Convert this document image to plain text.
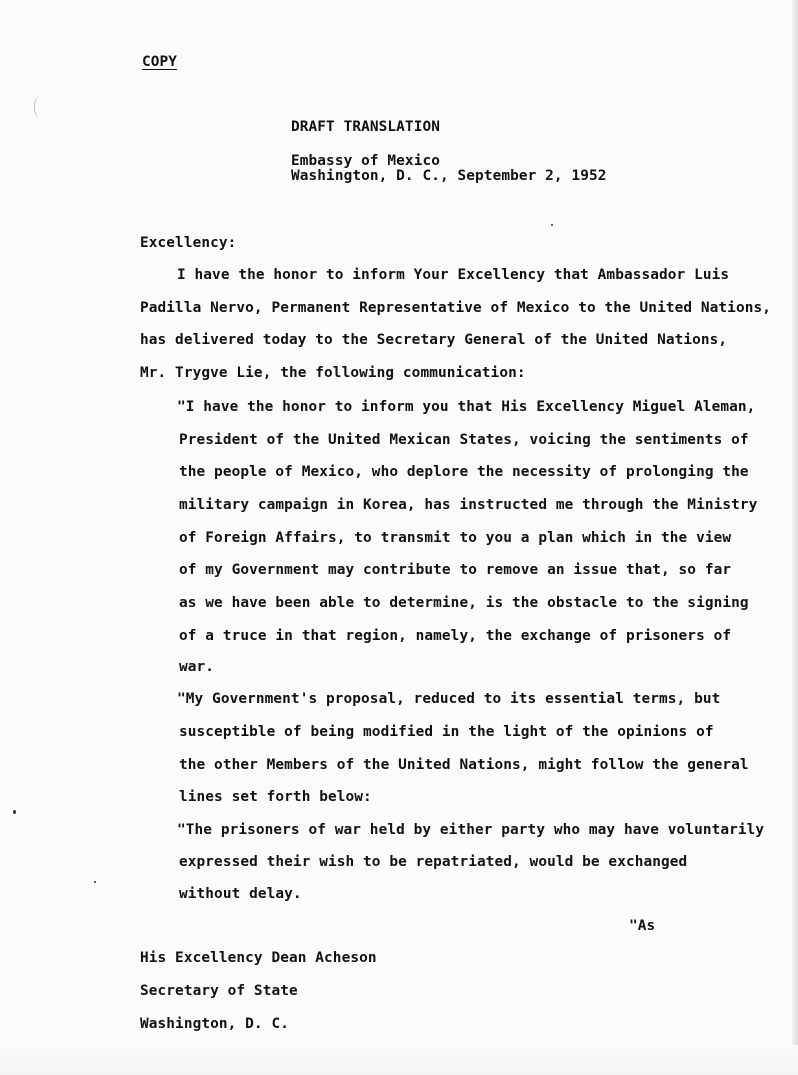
COPY
DRAFT TRANSLATION
Embassy of Mexico
Washington, D. C., September 2, 1952
Excellency:
I have the honor to inform Your Excellency that Ambassador Luis
Padilla Nervo, Permanent Representative of Mexico to the United Nations,
has delivered today to the Secretary General of the United Nations,
Mr. Trygve Lie, the following communication:
"I have the honor to inform you that His Excellency Miguel Aleman,
President of the United Mexican States, voicing the sentiments of
the people of Mexico, who deplore the necessity of prolonging the
military campaign in Korea, has instructed me through the Ministry
of Foreign Affairs, to transmit to you a plan which in the view
of my Government may contribute to remove an issue that, so far
as we have been able to determine, is the obstacle to the signing
of a truce in that region, namely, the exchange of prisoners of
war.
"My Government's proposal, reduced to its essential terms, but
susceptible of being modified in the light of the opinions of
the other Members of the United Nations, might follow the general
lines set forth below:
"The prisoners of war held by either party who may have voluntarily
expressed their wish to be repatriated, would be exchanged
without delay.
"As
His Excellency Dean Acheson
Secretary of State
Washington, D. C.
